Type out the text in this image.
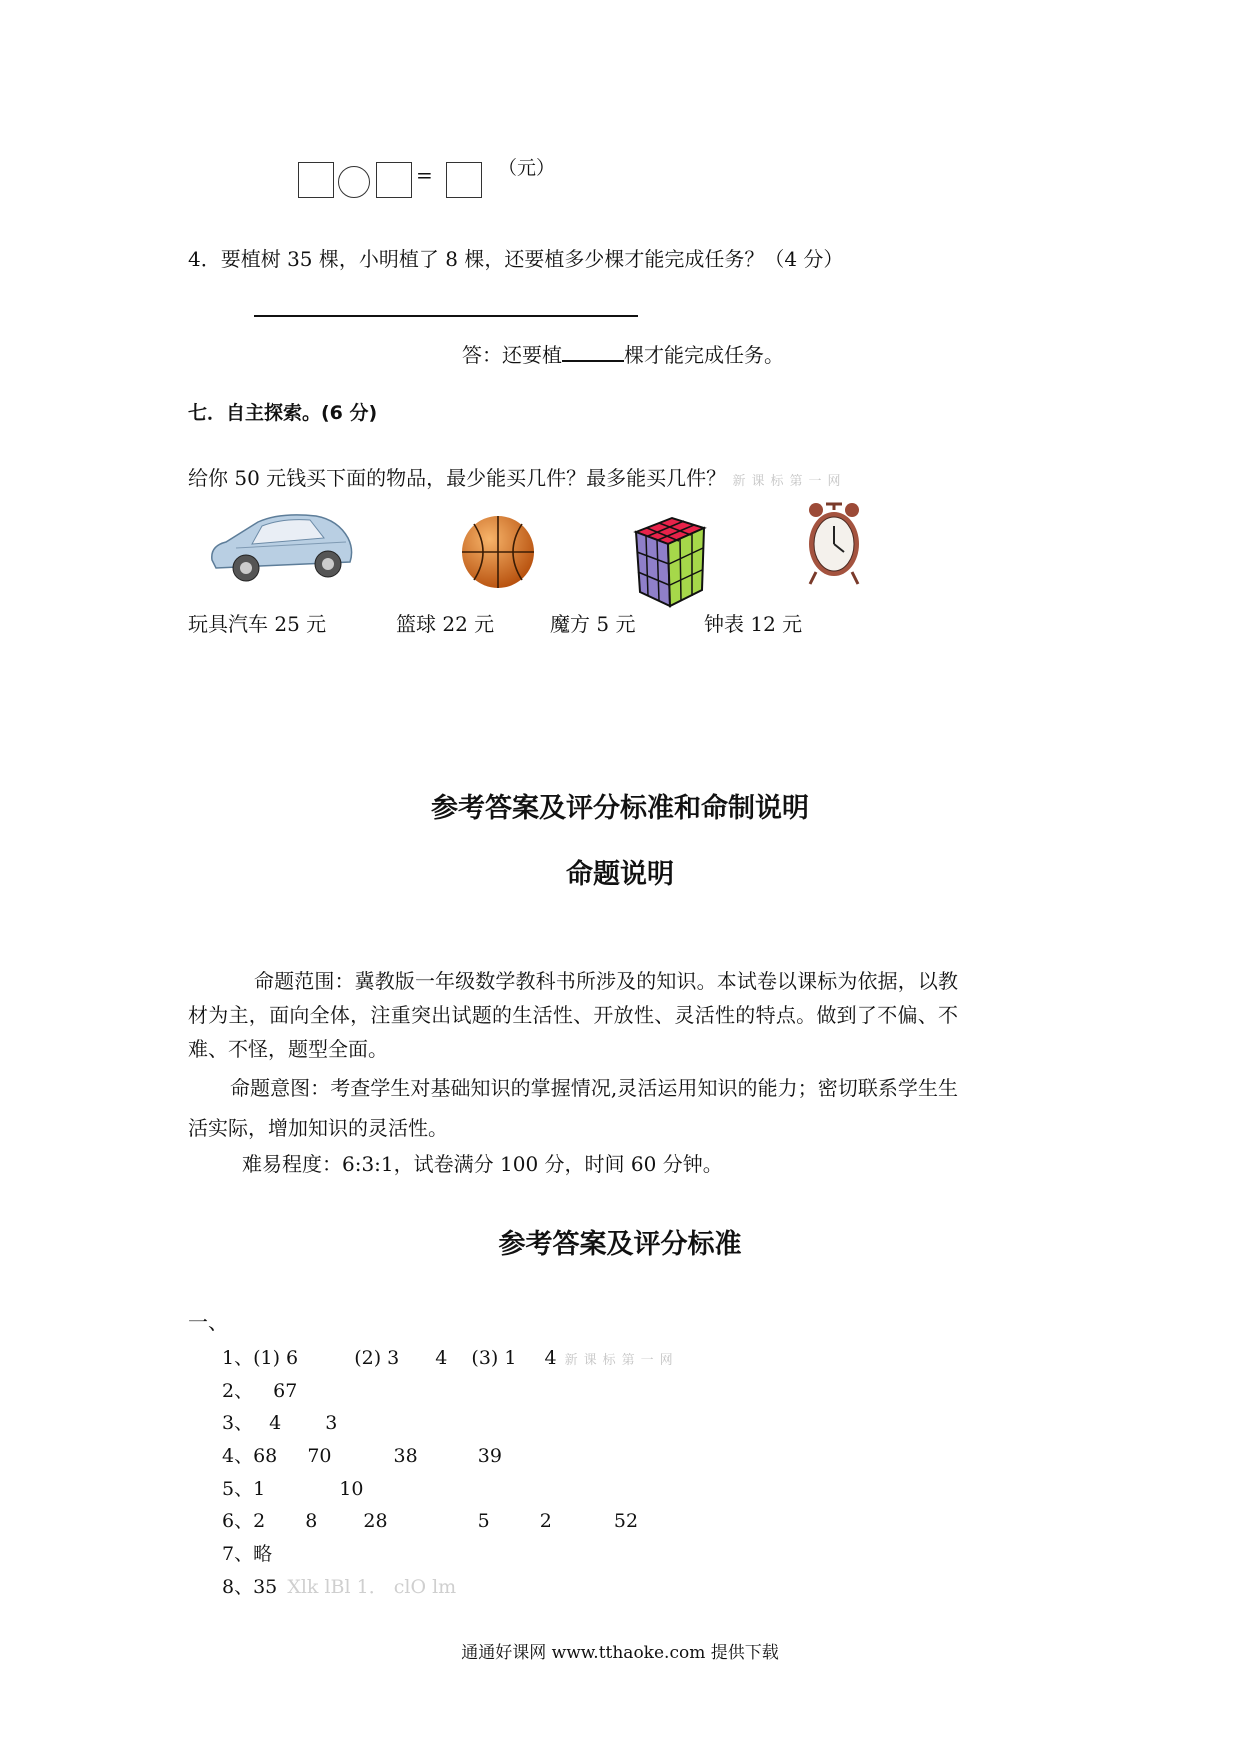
=	（元）
4．要植树 35 棵，小明植了 8 棵，还要植多少棵才能完成任务？（4 分）
答：还要植	棵才能完成任务。
七．自主探索。(6 分)
给你 50 元钱买下面的物品，最少能买几件？最多能买几件？ 新课标第一网
玩具汽车 25 元	篮球 22 元	魔方 5 元	钟表 12 元
参考答案及评分标准和命制说明
命题说明
命题范围：冀教版一年级数学教科书所涉及的知识。本试卷以课标为依据，以教材为主，面向全体，注重突出试题的生活性、开放性、灵活性的特点。做到了不偏、不难、不怪，题型全面。
命题意图：考查学生对基础知识的掌握情况,灵活运用知识的能力；密切联系学生生活实际，增加知识的灵活性。
难易程度：6:3:1，试卷满分 100 分，时间 60 分钟。
参考答案及评分标准
一、
1、(1) 6	(2) 3 4 (3) 1 4 新课标第一网
2、 67
3、 4 3
4、68 70	38	39
5、1	10
6、2 8 28	5	2	52
7、略
8、35 Xlk lBl 1． clO lm
通通好课网 www.tthaoke.com 提供下载
